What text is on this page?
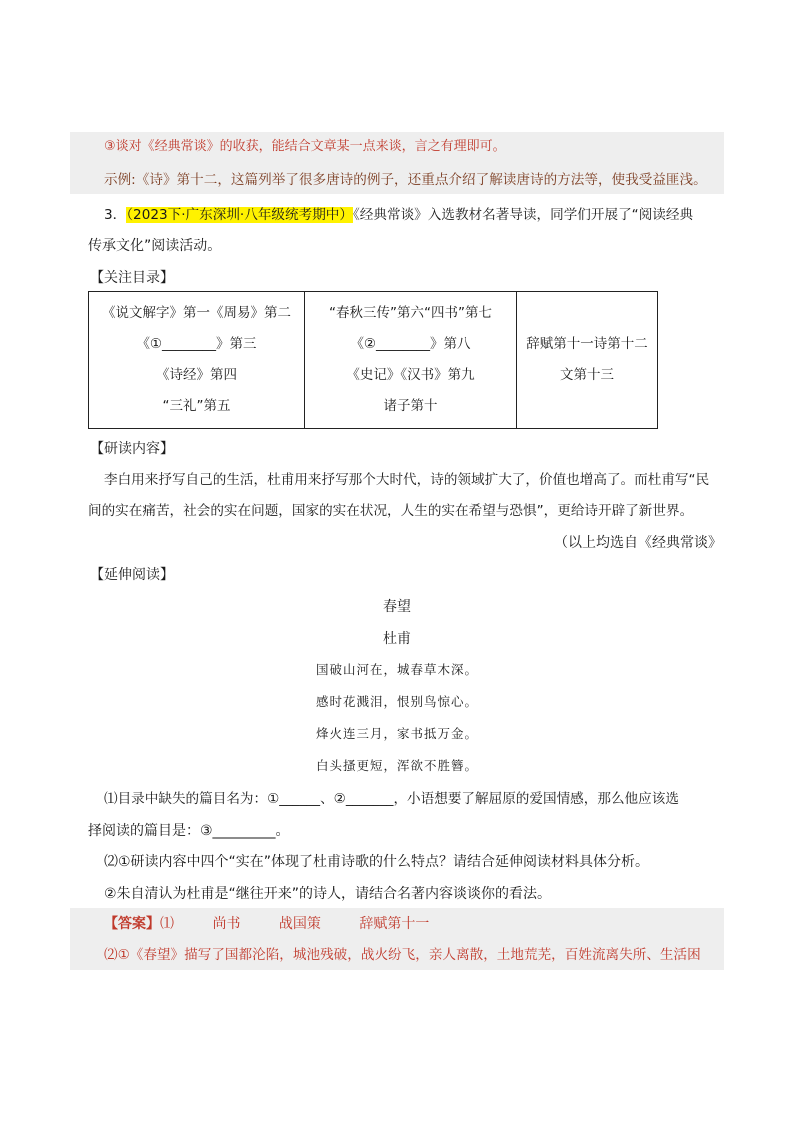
③谈对《经典常谈》的收获，能结合文章某一点来谈，言之有理即可。
示例:《诗》第十二，这篇列举了很多唐诗的例子，还重点介绍了解读唐诗的方法等，使我受益匪浅。
3．（2023下·广东深圳·八年级统考期中）《经典常谈》入选教材名著导读，同学们开展了“阅读经典
传承文化”阅读活动。
【关注目录】
《说文解字》第一《周易》第二
《①________》第三
《诗经》第四
“三礼”第五

“春秋三传”第六“四书”第七
《②________》第八
《史记》《汉书》第九
诸子第十

辞赋第十一诗第十二
文第十三
【研读内容】
李白用来抒写自己的生活，杜甫用来抒写那个大时代，诗的领域扩大了，价值也增高了。而杜甫写“民
间的实在痛苦，社会的实在问题，国家的实在状况，人生的实在希望与恐惧”，更给诗开辟了新世界。
（以上均选自《经典常谈》
【延伸阅读】
春望
杜甫
国破山河在，城春草木深。
感时花溅泪，恨别鸟惊心。
烽火连三月，家书抵万金。
白头搔更短，浑欲不胜簪。
⑴目录中缺失的篇目名为：①______、②_______，小语想要了解屈原的爱国情感，那么他应该选
择阅读的篇目是：③_________。
⑵①研读内容中四个“实在”体现了杜甫诗歌的什么特点？请结合延伸阅读材料具体分析。
②朱自清认为杜甫是“继往开来”的诗人，请结合名著内容谈谈你的看法。
【答案】⑴	尚书	战国策	辞赋第十一
⑵①《春望》描写了国都沦陷，城池残破，战火纷飞，亲人离散，土地荒芜，百姓流离失所、生活困
